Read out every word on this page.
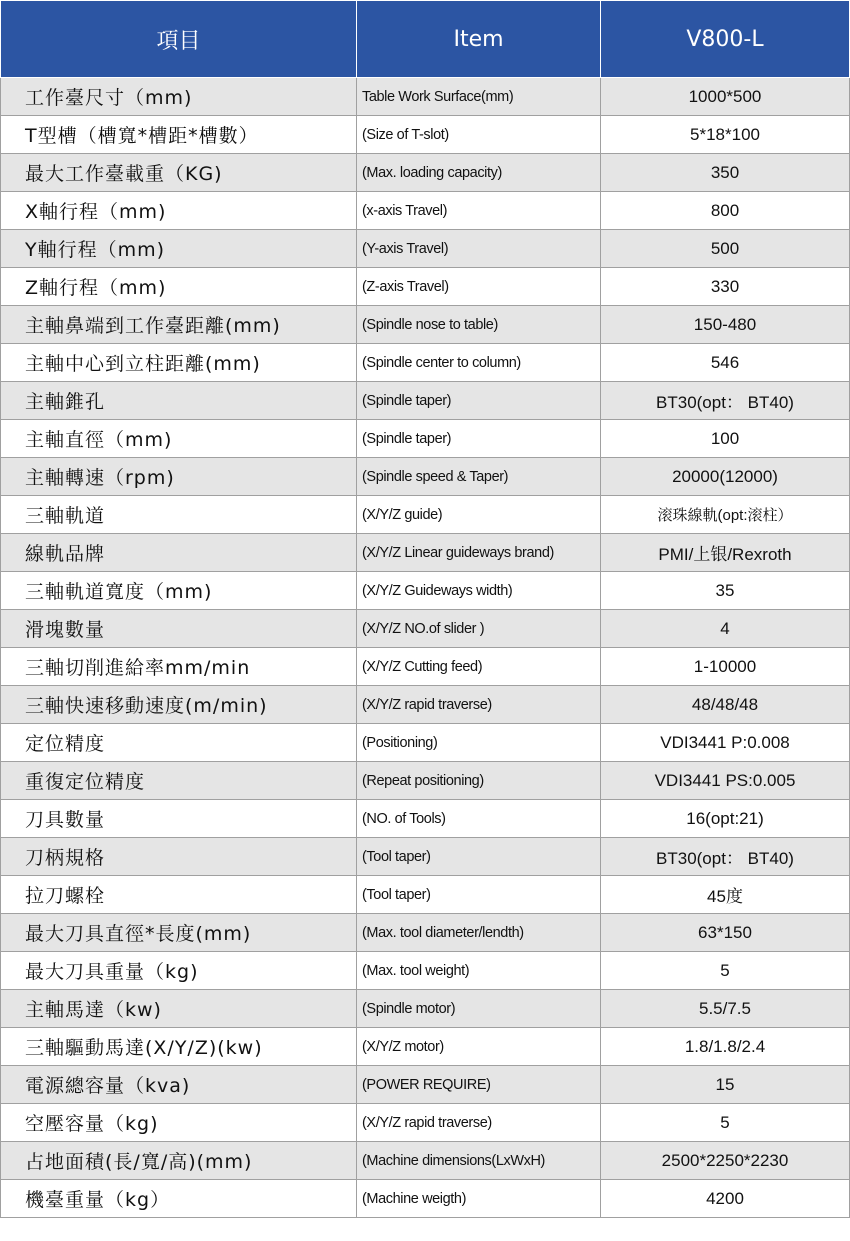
項目	Item	V800-L
工作臺尺寸（mm)	Table Work Surface(mm)	1000*500
T型槽（槽寬*槽距*槽數）	(Size of T-slot)	5*18*100
最大工作臺載重（KG)	(Max. loading capacity)	350
X軸行程（mm)	(x-axis Travel)	800
Y軸行程（mm)	(Y-axis Travel)	500
Z軸行程（mm)	(Z-axis Travel)	330
主軸鼻端到工作臺距離(mm)	(Spindle nose to table)	150-480
主軸中心到立柱距離(mm)	(Spindle center to column)	546
主軸錐孔	(Spindle taper)	BT30(opt： BT40)
主軸直徑（mm)	(Spindle taper)	100
主軸轉速（rpm)	(Spindle speed & Taper)	20000(12000)
三軸軌道	(X/Y/Z guide)	滚珠線軌(opt:滚柱）
線軌品牌	(X/Y/Z Linear guideways brand)	PMI/上银/Rexroth
三軸軌道寬度（mm)	(X/Y/Z Guideways width)	35
滑塊數量	(X/Y/Z NO.of slider )	4
三軸切削進給率mm/min	(X/Y/Z Cutting feed)	1-10000
三軸快速移動速度(m/min)	(X/Y/Z rapid traverse)	48/48/48
定位精度	(Positioning)	VDI3441 P:0.008
重復定位精度	(Repeat positioning)	VDI3441 PS:0.005
刀具數量	(NO. of Tools)	16(opt:21)
刀柄規格	(Tool taper)	BT30(opt： BT40)
拉刀螺栓	(Tool taper)	45度
最大刀具直徑*長度(mm)	(Max. tool diameter/lendth)	63*150
最大刀具重量（kg)	(Max. tool weight)	5
主軸馬達（kw)	(Spindle motor)	5.5/7.5
三軸驅動馬達(X/Y/Z)(kw)	(X/Y/Z motor)	1.8/1.8/2.4
電源總容量（kva)	(POWER REQUIRE)	15
空壓容量（kg)	(X/Y/Z rapid traverse)	5
占地面積(長/寬/高)(mm)	(Machine dimensions(LxWxH)	2500*2250*2230
機臺重量（kg）	(Machine weigth)	4200
